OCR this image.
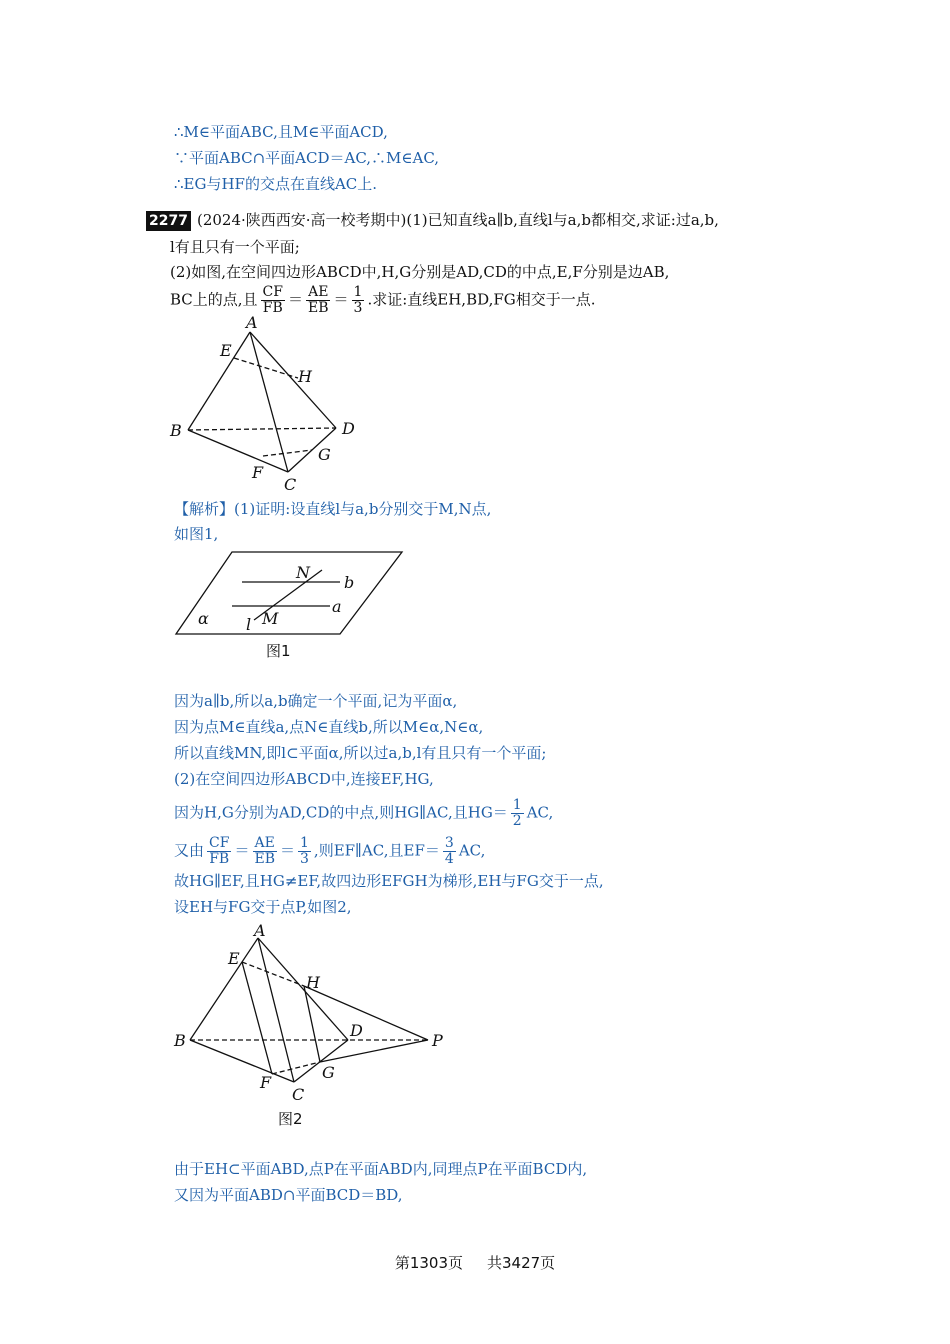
∴M∈平面ABC,且M∈平面ACD,
∵平面ABC∩平面ACD＝AC,∴M∈AC,
∴EG与HF的交点在直线AC上.
2277 (2024·陕西西安·高一校考期中)(1)已知直线a∥b,直线l与a,b都相交,求证:过a,b,
l有且只有一个平面;
(2)如图,在空间四边形ABCD中,H,G分别是AD,CD的中点,E,F分别是边AB,
BC上的点,且 $\frac{CF}{FB} = \frac{AE}{EB} = \frac{1}{3}$ .求证:直线EH,BD,FG相交于一点.
A
E
H
B	D
F
G
C
【解析】(1)证明:设直线l与a,b分别交于M,N点,
如图1,
N
b
a
α l M
图1
因为a∥b,所以a,b确定一个平面,记为平面α,
因为点M∈直线a,点N∈直线b,所以M∈α,N∈α,
所以直线MN,即l⊂平面α,所以过a,b,l有且只有一个平面;
(2)在空间四边形ABCD中,连接EF,HG,
因为H,G分别为AD,CD的中点,则HG∥AC,且$HG= \frac{1}{2}$ AC,
又由 $\frac{CF}{FB} = \frac{AE}{EB} = \frac{1}{3}$ ,则EF∥AC,且$EF= \frac{3}{4}$ AC,
故HG∥EF,且HG≠EF,故四边形EFGH为梯形,EH与FG交于一点,
设EH与FG交于点P,如图2,
A
E
H
D
P
B
G
F
C
图2
由于EH⊂平面ABD,点P在平面ABD内,同理点P在平面BCD内,
又因为平面ABD∩平面BCD＝BD,
第1303页 共3427页
